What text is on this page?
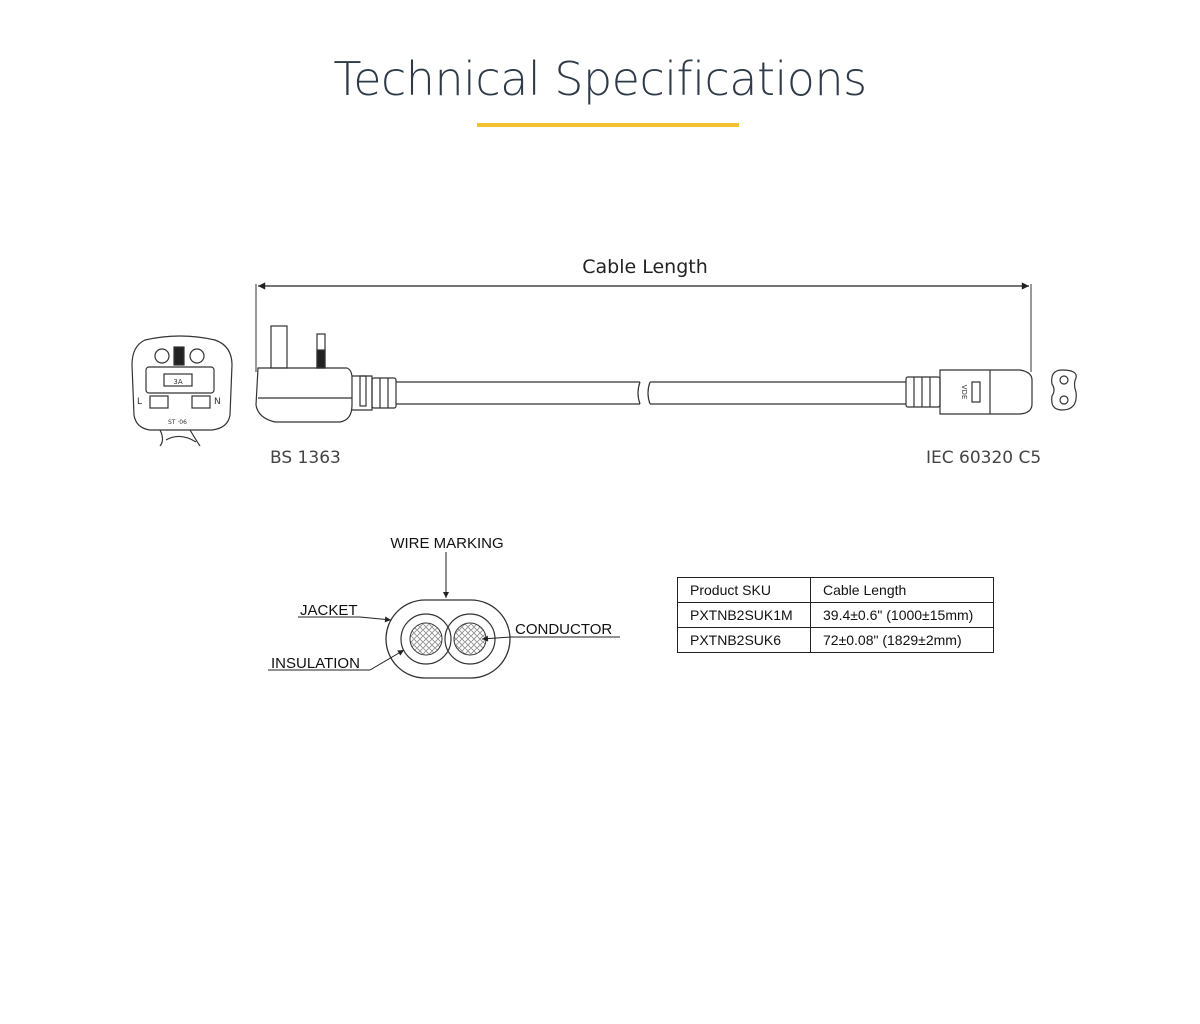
Technical Specifications
Cable Length
3A
L	N
ST ·06
VDE
WIRE MARKING
JACKET
INSULATION
CONDUCTOR
BS 1363	IEC 60320 C5
Product SKU	Cable Length
PXTNB2SUK1M	39.4±0.6" (1000±15mm)
PXTNB2SUK6	72±0.08" (1829±2mm)
